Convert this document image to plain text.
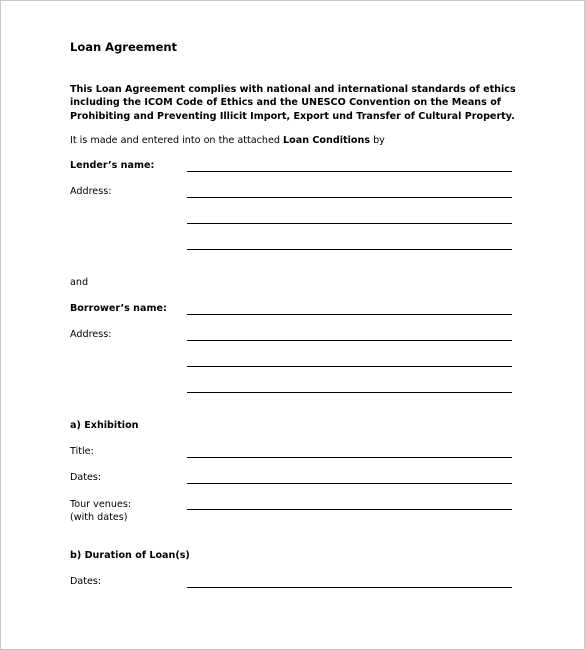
Loan Agreement
This Loan Agreement complies with national and international standards of ethics
including the ICOM Code of Ethics and the UNESCO Convention on the Means of
Prohibiting and Preventing Illicit Import, Export und Transfer of Cultural Property.
It is made and entered into on the attached Loan Conditions by
Lender’s name:
Address:
and
Borrower’s name:
Address:
a) Exhibition
Title:
Dates:
Tour venues:
(with dates)
b) Duration of Loan(s)
Dates:
